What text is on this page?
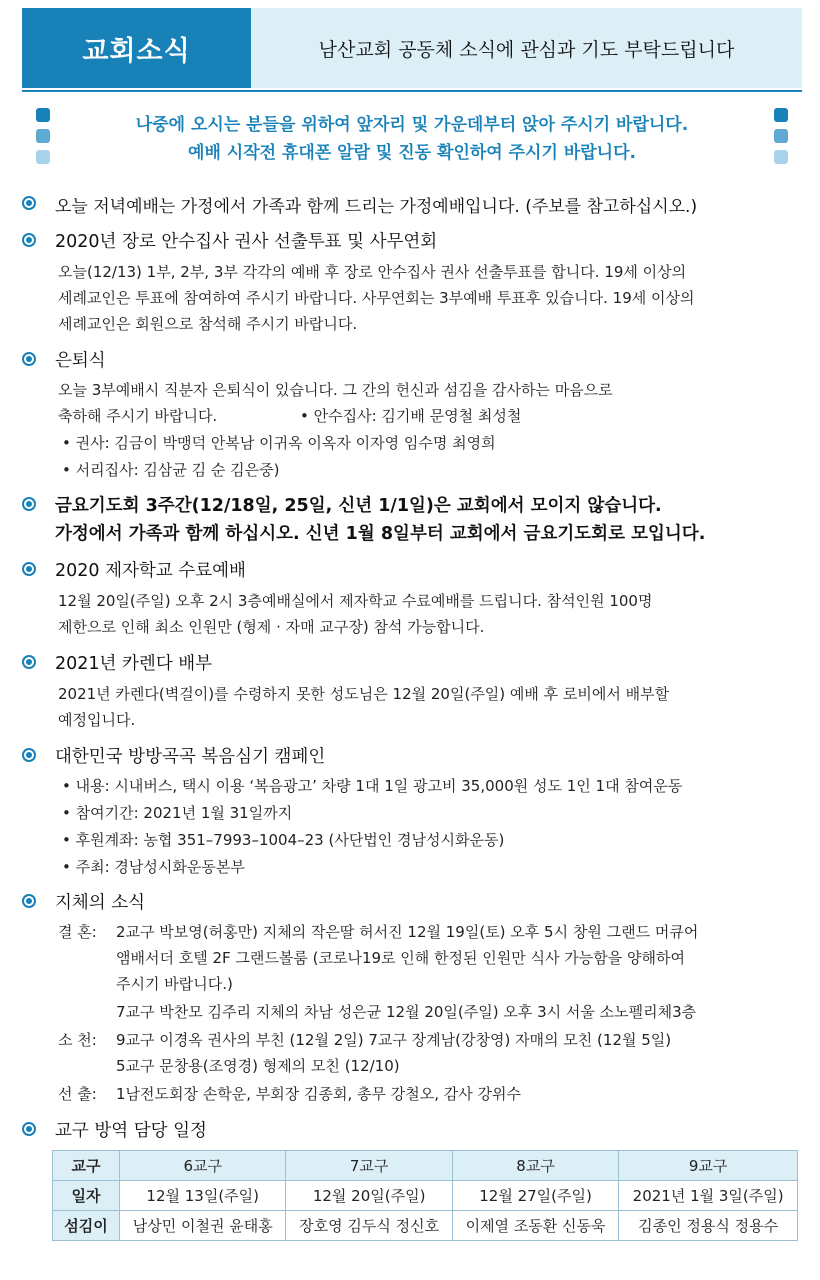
교회소식	남산교회 공동체 소식에 관심과 기도 부탁드립니다
나중에 오시는 분들을 위하여 앞자리 및 가운데부터 앉아 주시기 바랍니다.
예배 시작전 휴대폰 알람 및 진동 확인하여 주시기 바랍니다.
오늘 저녁예배는 가정에서 가족과 함께 드리는 가정예배입니다. (주보를 참고하십시오.)
2020년 장로 안수집사 권사 선출투표 및 사무연회
오늘(12/13) 1부, 2부, 3부 각각의 예배 후 장로 안수집사 권사 선출투표를 합니다. 19세 이상의
세례교인은 투표에 참여하여 주시기 바랍니다. 사무연회는 3부예배 투표후 있습니다. 19세 이상의
세례교인은 회원으로 참석해 주시기 바랍니다.
은퇴식
오늘 3부예배시 직분자 은퇴식이 있습니다. 그 간의 헌신과 섬김을 감사하는 마음으로
축하해 주시기 바랍니다.	• 안수집사: 김기배 문영철 최성철
• 권사: 김금이 박맹덕 안복남 이귀옥 이옥자 이자영 임수명 최영희
• 서리집사: 김삼균 김 순 김은중)
금요기도회 3주간(12/18일, 25일, 신년 1/1일)은 교회에서 모이지 않습니다.
가정에서 가족과 함께 하십시오. 신년 1월 8일부터 교회에서 금요기도회로 모입니다.
2020 제자학교 수료예배
12월 20일(주일) 오후 2시 3층예배실에서 제자학교 수료예배를 드립니다. 참석인원 100명
제한으로 인해 최소 인원만 (형제 · 자매 교구장) 참석 가능합니다.
2021년 카렌다 배부
2021년 카렌다(벽걸이)를 수령하지 못한 성도님은 12월 20일(주일) 예배 후 로비에서 배부할
예정입니다.
대한민국 방방곡곡 복음심기 캠페인
• 내용: 시내버스, 택시 이용 ‘복음광고’ 차량 1대 1일 광고비 35,000원 성도 1인 1대 참여운동
• 참여기간: 2021년 1월 31일까지
• 후원계좌: 농협 351–7993–1004–23 (사단법인 경남성시화운동)
• 주최: 경남성시화운동본부
지체의 소식
결 혼: 2교구 박보영(허홍만) 지체의 작은딸 허서진 12월 19일(토) 오후 5시 창원 그랜드 머큐어
앰배서더 호텔 2F 그랜드볼룸 (코로나19로 인해 한정된 인원만 식사 가능함을 양해하여
주시기 바랍니다.)
7교구 박찬모 김주리 지체의 차남 성은균 12월 20일(주일) 오후 3시 서울 소노펠리체3층
소 천: 9교구 이경옥 권사의 부친 (12월 2일) 7교구 장계남(강창영) 자매의 모친 (12월 5일)
5교구 문창용(조영경) 형제의 모친 (12/10)
선 출: 1남전도회장 손학운, 부회장 김종회, 총무 강철오, 감사 강위수
교구 방역 담당 일정
교구	6교구	7교구	8교구	9교구
일자	12월 13일(주일)	12월 20일(주일)	12월 27일(주일)	2021년 1월 3일(주일)
섬김이	남상민 이철권 윤태홍	장호영 김두식 정신호	이제열 조동환 신동욱	김종인 정용식 정용수
